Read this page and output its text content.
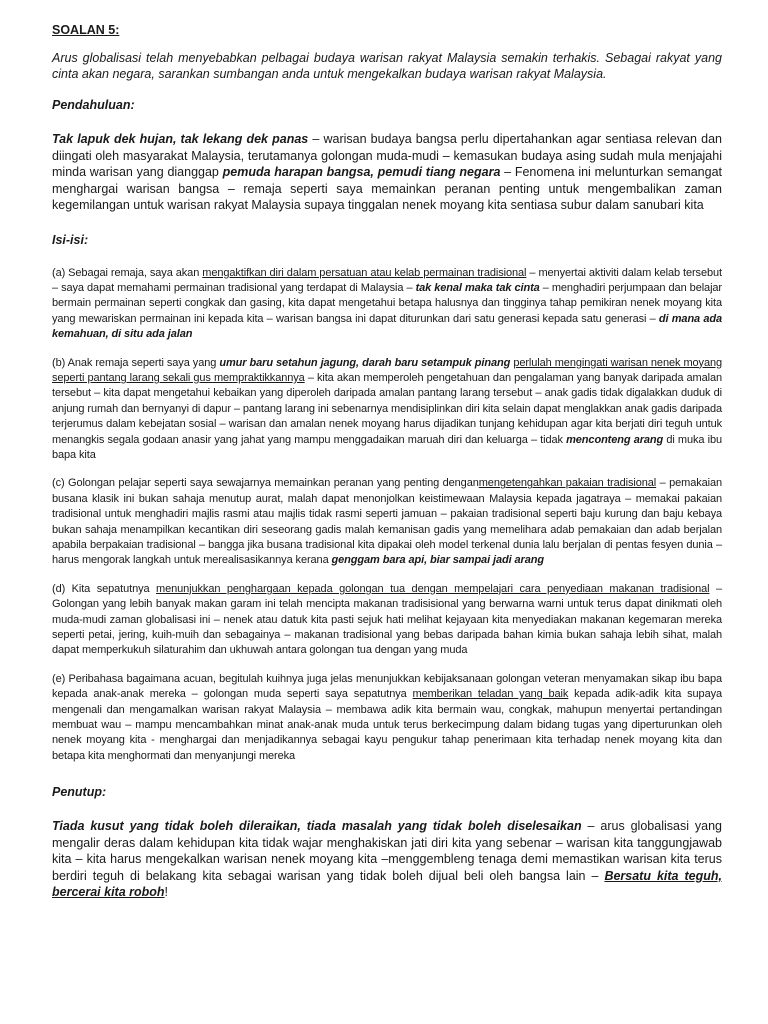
SOALAN 5:

Arus globalisasi telah menyebabkan pelbagai budaya warisan rakyat Malaysia semakin terhakis. Sebagai rakyat yang cinta akan negara, sarankan sumbangan anda untuk mengekalkan budaya warisan rakyat Malaysia.

Pendahuluan:

Tak lapuk dek hujan, tak lekang dek panas – warisan budaya bangsa perlu dipertahankan agar sentiasa relevan dan diingati oleh masyarakat Malaysia, terutamanya golongan muda-mudi – kemasukan budaya asing sudah mula menjajahi minda warisan yang dianggap pemuda harapan bangsa, pemudi tiang negara – Fenomena ini melunturkan semangat menghargai warisan bangsa – remaja seperti saya memainkan peranan penting untuk mengembalikan zaman kegemilangan untuk warisan rakyat Malaysia supaya tinggalan nenek moyang kita sentiasa subur dalam sanubari kita

Isi-isi:

(a) Sebagai remaja, saya akan mengaktifkan diri dalam persatuan atau kelab permainan tradisional – menyertai aktiviti dalam kelab tersebut – saya dapat memahami permainan tradisional yang terdapat di Malaysia – tak kenal maka tak cinta – menghadiri perjumpaan dan belajar bermain permainan seperti congkak dan gasing, kita dapat mengetahui betapa halusnya dan tingginya tahap pemikiran nenek moyang kita yang mewariskan permainan ini kepada kita – warisan bangsa ini dapat diturunkan dari satu generasi kepada satu generasi – di mana ada kemahuan, di situ ada jalan

(b) Anak remaja seperti saya yang umur baru setahun jagung, darah baru setampuk pinang perlulah mengingati warisan nenek moyang seperti pantang larang sekali gus mempraktikkannya – kita akan memperoleh pengetahuan dan pengalaman yang banyak daripada amalan tersebut – kita dapat mengetahui kebaikan yang diperoleh daripada amalan pantang larang tersebut – anak gadis tidak digalakkan duduk di anjung rumah dan bernyanyi di dapur – pantang larang ini sebenarnya mendisiplinkan diri kita selain dapat menglakkan anak gadis daripada terjerumus dalam kebejatan sosial – warisan dan amalan nenek moyang harus dijadikan tunjang kehidupan agar kita berjati diri teguh untuk menangkis segala godaan anasir yang jahat yang mampu menggadaikan maruah diri dan keluarga – tidak menconteng arang di muka ibu bapa kita

(c) Golongan pelajar seperti saya sewajarnya memainkan peranan yang penting denganmengetengahkan pakaian tradisional – pemakaian busana klasik ini bukan sahaja menutup aurat, malah dapat menonjolkan keistimewaan Malaysia kepada jagatraya – memakai pakaian tradisional untuk menghadiri majlis rasmi atau majlis tidak rasmi seperti jamuan – pakaian tradisional seperti baju kurung dan baju kebaya bukan sahaja menampilkan kecantikan diri seseorang gadis malah kemanisan gadis yang memelihara adab pemakaian dan adab berjalan apabila berpakaian tradisional – bangga jika busana tradisional kita dipakai oleh model terkenal dunia lalu berjalan di pentas fesyen dunia – harus mengorak langkah untuk merealisasikannya kerana genggam bara api, biar sampai jadi arang

(d) Kita sepatutnya menunjukkan penghargaan kepada golongan tua dengan mempelajari cara penyediaan makanan tradisional – Golongan yang lebih banyak makan garam ini telah mencipta makanan tradisisional yang berwarna warni untuk terus dapat dinikmati oleh muda-mudi zaman globalisasi ini – nenek atau datuk kita pasti sejuk hati melihat kejayaan kita menyediakan makanan kegemaran mereka seperti petai, jering, kuih-muih dan sebagainya – makanan tradisional yang bebas daripada bahan kimia bukan sahaja lebih sihat, malah dapat memperkukuh silaturahim dan ukhuwah antara golongan tua dengan yang muda

(e) Peribahasa bagaimana acuan, begitulah kuihnya juga jelas menunjukkan kebijaksanaan golongan veteran menyamakan sikap ibu bapa kepada anak-anak mereka – golongan muda seperti saya sepatutnya memberikan teladan yang baik kepada adik-adik kita supaya mengenali dan mengamalkan warisan rakyat Malaysia – membawa adik kita bermain wau, congkak, mahupun menyertai pertandingan membuat wau – mampu mencambahkan minat anak-anak muda untuk terus berkecimpung dalam bidang tugas yang diperturunkan oleh nenek moyang kita - menghargai dan menjadikannya sebagai kayu pengukur tahap penerimaan kita terhadap nenek moyang kita dan betapa kita menghormati dan menyanjungi mereka

Penutup:

Tiada kusut yang tidak boleh dileraikan, tiada masalah yang tidak boleh diselesaikan – arus globalisasi yang mengalir deras dalam kehidupan kita tidak wajar menghakiskan jati diri kita yang sebenar – warisan kita tanggungjawab kita – kita harus mengekalkan warisan nenek moyang kita –menggembleng tenaga demi memastikan warisan kita terus berdiri teguh di belakang kita sebagai warisan yang tidak boleh dijual beli oleh bangsa lain – Bersatu kita teguh, bercerai kita roboh!
